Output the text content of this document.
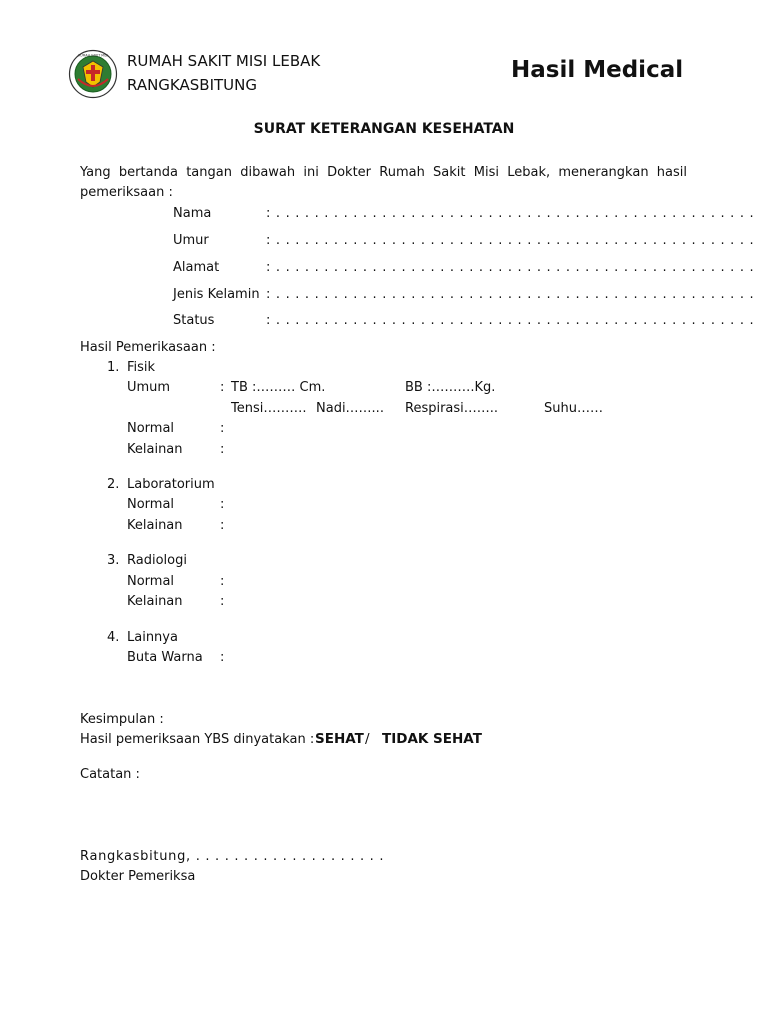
RUMAH SAKIT MISI RUMAH SAKIT MISI LEBAK
RANGKASBITUNG
Hasil Medical
SURAT KETERANGAN KESEHATAN
Yang bertanda tangan dibawah ini Dokter Rumah Sakit Misi Lebak, menerangkan hasil pemeriksaan :
Nama	: . . . . . . . . . . . . . . . . . . . . . . . . . . . . . . . . . . . . . . . . . . . . . . . . . .
Umur	: . . . . . . . . . . . . . . . . . . . . . . . . . . . . . . . . . . . . . . . . . . . . . . . . . .
Alamat	: . . . . . . . . . . . . . . . . . . . . . . . . . . . . . . . . . . . . . . . . . . . . . . . . . .
Jenis Kelamin : . . . . . . . . . . . . . . . . . . . . . . . . . . . . . . . . . . . . . . . . . . . . . . . . . .
Status	: . . . . . . . . . . . . . . . . . . . . . . . . . . . . . . . . . . . . . . . . . . . . . . . . . .
Hasil Pemerikasaan :
1. Fisik
Umum	: TB :……… Cm.	BB :……….Kg.
Tensi………. Nadi……... Respirasi……..	Suhu……
Normal	:
Kelainan	:
2. Laboratorium
Normal	:
Kelainan	:
3. Radiologi
Normal	:
Kelainan	:
4. Lainnya
Buta Warna :
Kesimpulan :
Hasil pemeriksaan YBS dinyatakan : SEHAT / TIDAK SEHAT
Catatan :
Rangkasbitung, . . . . . . . . . . . . . . . . . . . .
Dokter Pemeriksa
